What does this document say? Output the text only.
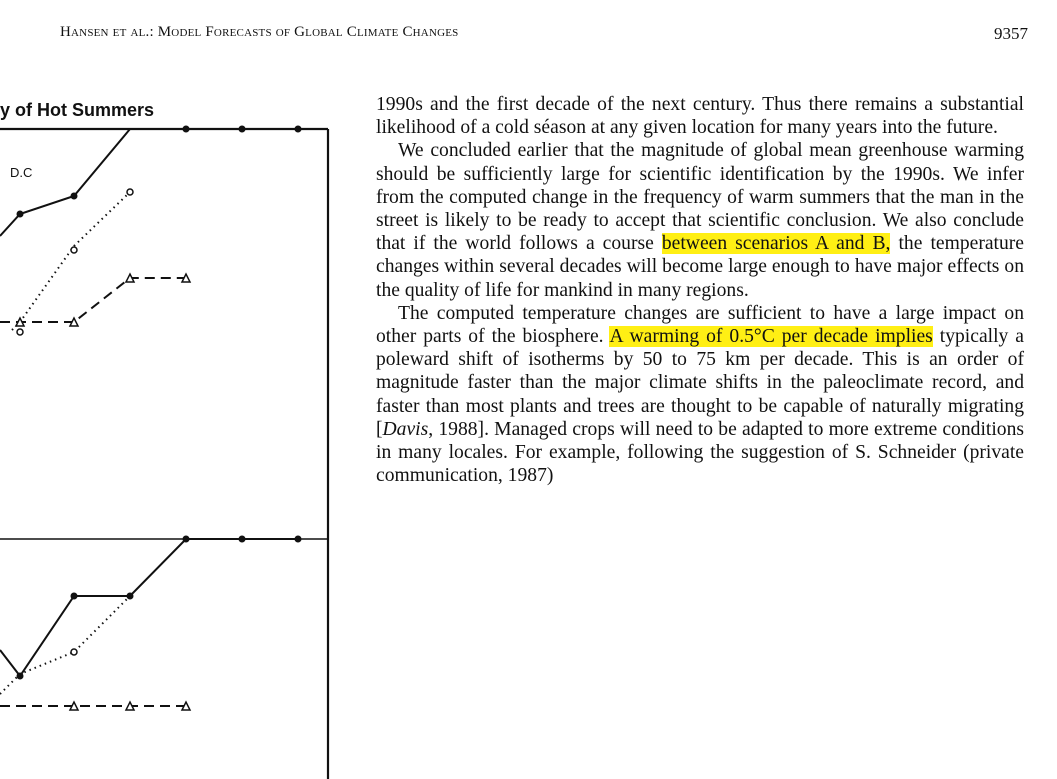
Hansen et al.: Model Forecasts of Global Climate Changes	9357
y of Hot Summers
D.C

1990s and the first decade of the next century. Thus there remains a substantial likelihood of a cold séason at any given location for many years into the future.

We concluded earlier that the magnitude of global mean greenhouse warming should be sufficiently large for scientific identification by the 1990s. We infer from the computed change in the frequency of warm summers that the man in the street is likely to be ready to accept that scientific conclusion. We also conclude that if the world follows a course between scenarios A and B, the temperature changes within several decades will become large enough to have major effects on the quality of life for mankind in many regions.

The computed temperature changes are sufficient to have a large impact on other parts of the biosphere. A warming of 0.5°C per decade implies typically a poleward shift of isotherms by 50 to 75 km per decade. This is an order of magnitude faster than the major climate shifts in the paleoclimate record, and faster than most plants and trees are thought to be capable of naturally migrating [Davis, 1988]. Managed crops will need to be adapted to more extreme conditions in many locales. For example, following the suggestion of S. Schneider (private communication, 1987)
